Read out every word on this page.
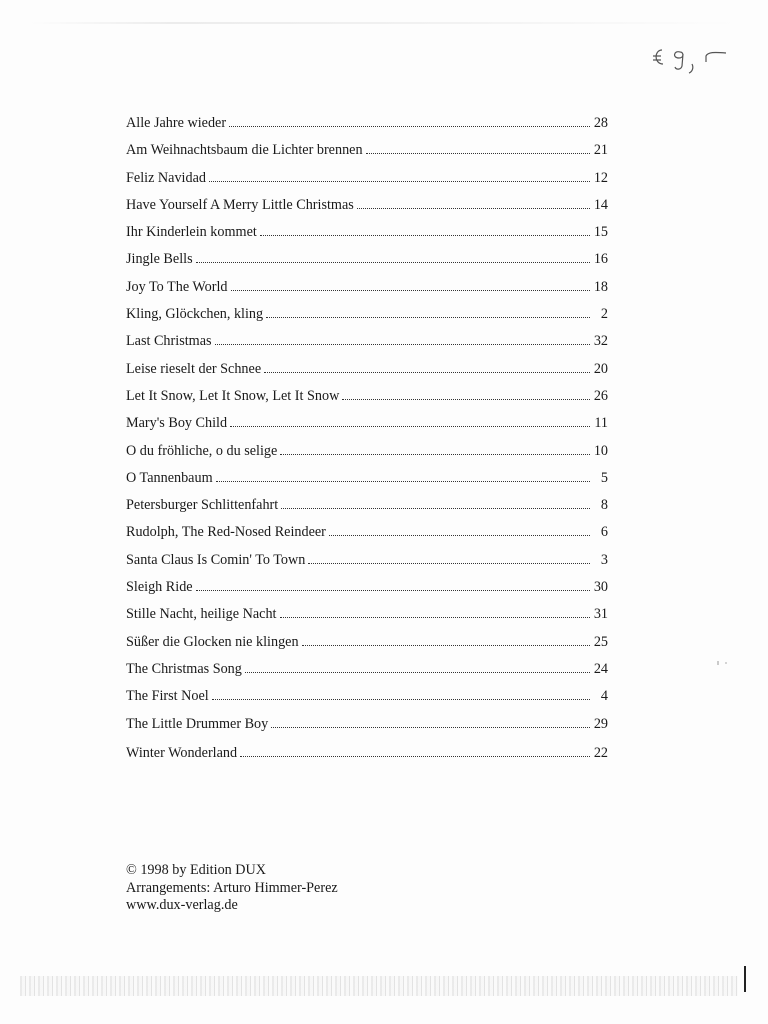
Alle Jahre wieder	28
Am Weihnachtsbaum die Lichter brennen	21
Feliz Navidad	12
Have Yourself A Merry Little Christmas	14
Ihr Kinderlein kommet	15
Jingle Bells	16
Joy To The World	18
Kling, Glöckchen, kling	2
Last Christmas	32
Leise rieselt der Schnee	20
Let It Snow, Let It Snow, Let It Snow	26
Mary's Boy Child	11
O du fröhliche, o du selige	10
O Tannenbaum	5
Petersburger Schlittenfahrt	8
Rudolph, The Red-Nosed Reindeer	6
Santa Claus Is Comin' To Town	3
Sleigh Ride	30
Stille Nacht, heilige Nacht	31
Süßer die Glocken nie klingen	25
The Christmas Song	24
The First Noel	4
The Little Drummer Boy	29
Winter Wonderland	22
© 1998 by Edition DUX
Arrangements: Arturo Himmer-Perez
www.dux-verlag.de
